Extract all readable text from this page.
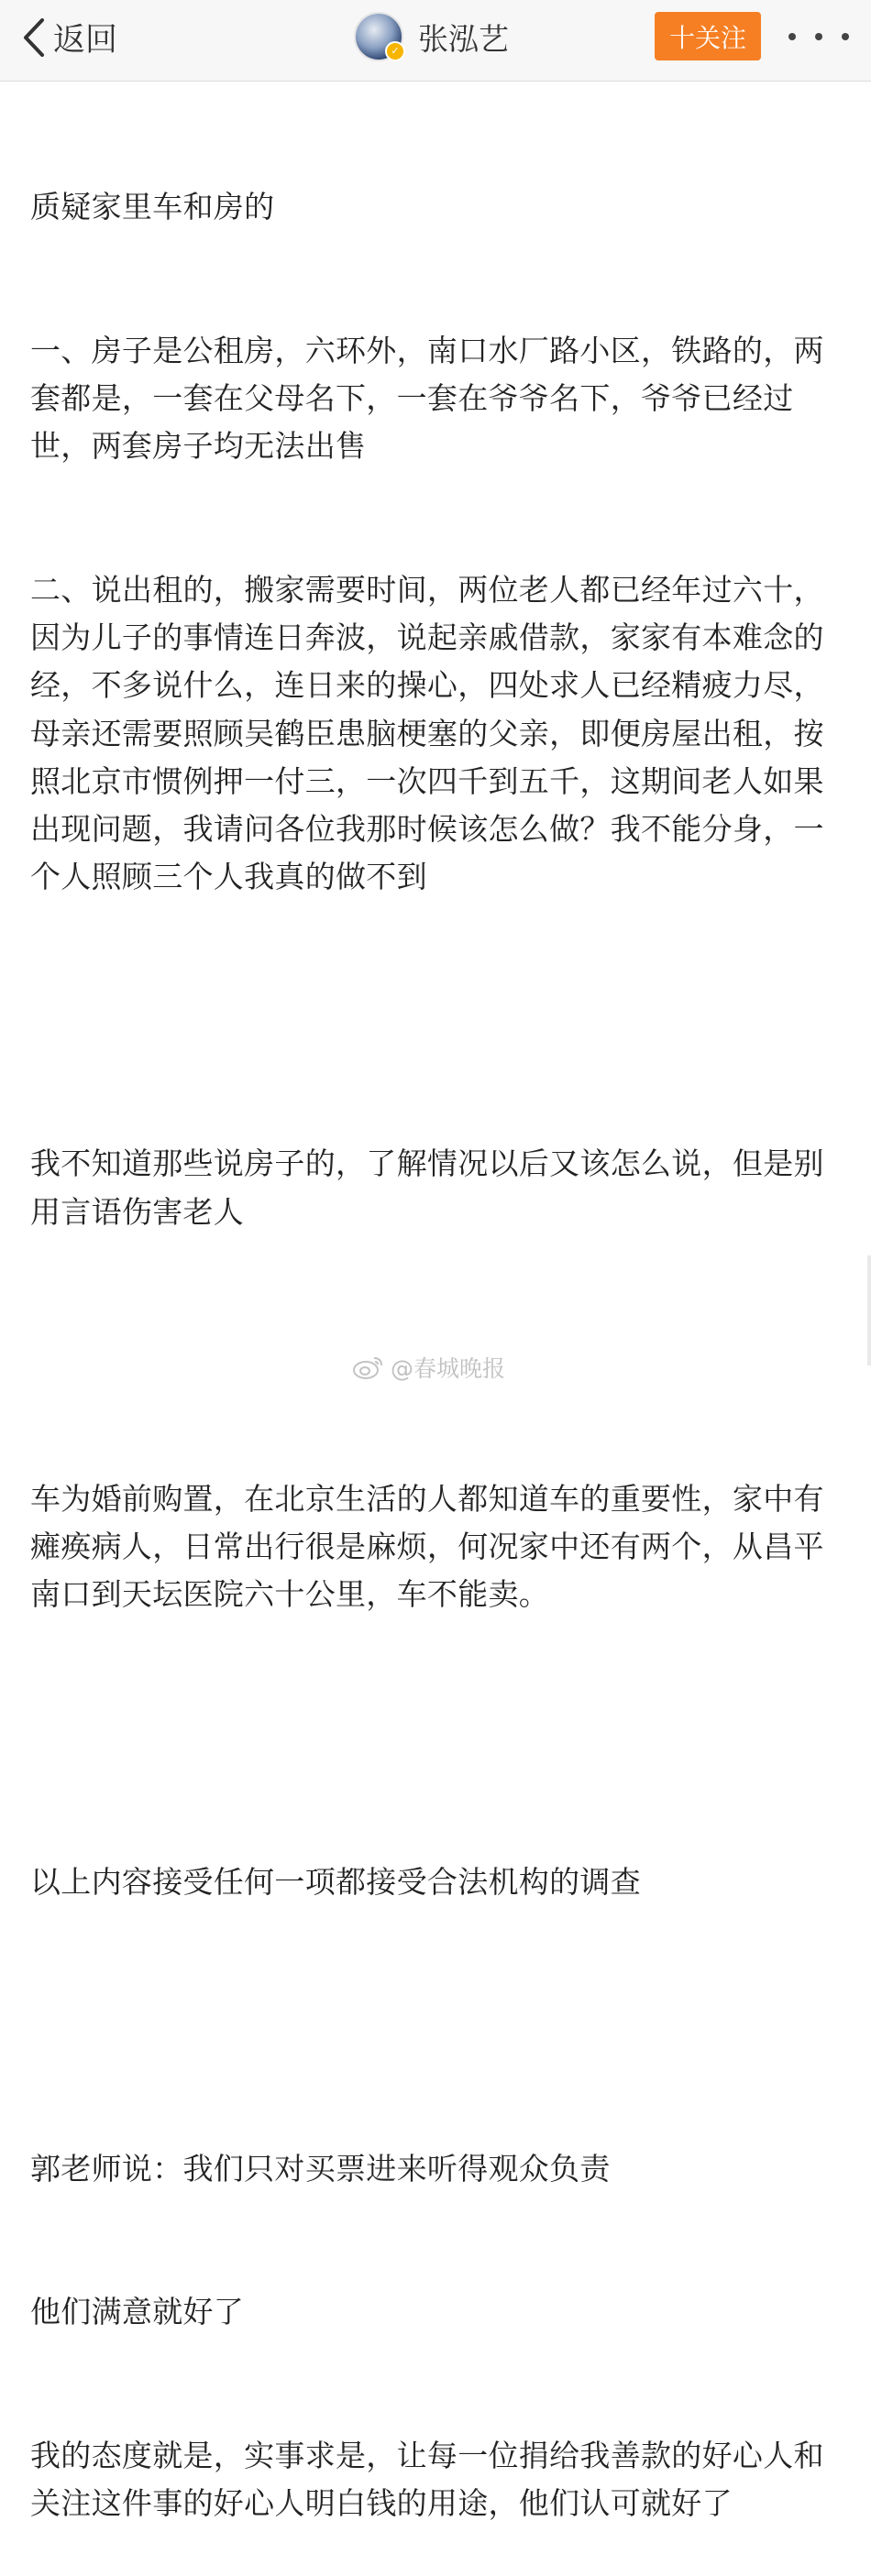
返回	✓ 张泓艺	十关注

质疑家里车和房的

一、房子是公租房，六环外，南口水厂路小区，铁路的，两套都是，一套在父母名下，一套在爷爷名下，爷爷已经过世，两套房子均无法出售

二、说出租的，搬家需要时间，两位老人都已经年过六十，因为儿子的事情连日奔波，说起亲戚借款，家家有本难念的经，不多说什么，连日来的操心，四处求人已经精疲力尽，母亲还需要照顾吴鹤臣患脑梗塞的父亲，即便房屋出租，按照北京市惯例押一付三，一次四千到五千，这期间老人如果出现问题，我请问各位我那时候该怎么做？我不能分身，一个人照顾三个人我真的做不到

我不知道那些说房子的，了解情况以后又该怎么说，但是别用言语伤害老人

车为婚前购置，在北京生活的人都知道车的重要性，家中有瘫痪病人，日常出行很是麻烦，何况家中还有两个，从昌平南口到天坛医院六十公里，车不能卖。

以上内容接受任何一项都接受合法机构的调查

郭老师说：我们只对买票进来听得观众负责

他们满意就好了

我的态度就是，实事求是，让每一位捐给我善款的好心人和关注这件事的好心人明白钱的用途，他们认可就好了

@春城晚报
